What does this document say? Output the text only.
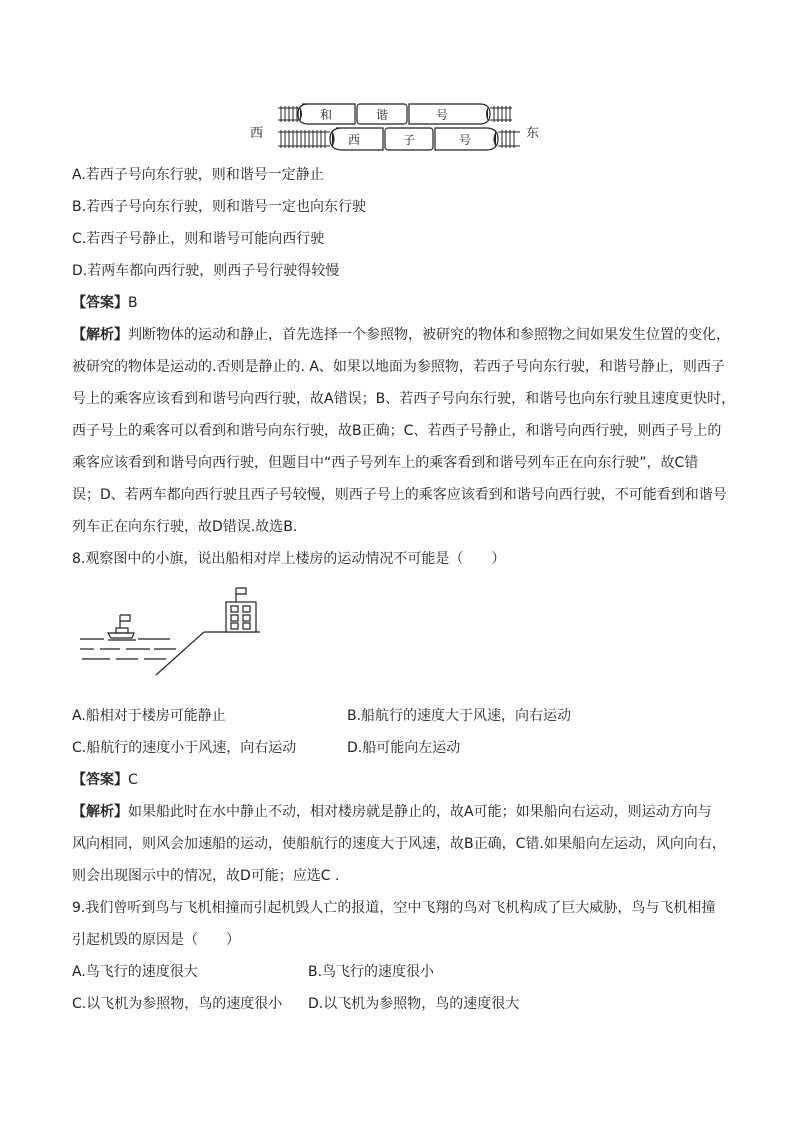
西	东
和	谐	号
西	子	号
A.若西子号向东行驶，则和谐号一定静止
B.若西子号向东行驶，则和谐号一定也向东行驶
C.若西子号静止，则和谐号可能向西行驶
D.若两车都向西行驶，则西子号行驶得较慢
【答案】B
【解析】判断物体的运动和静止，首先选择一个参照物，被研究的物体和参照物之间如果发生位置的变化，
被研究的物体是运动的.否则是静止的. A、如果以地面为参照物，若西子号向东行驶，和谐号静止，则西子
号上的乘客应该看到和谐号向西行驶，故A错误；B、若西子号向东行驶，和谐号也向东行驶且速度更快时，
西子号上的乘客可以看到和谐号向东行驶，故B正确；C、若西子号静止，和谐号向西行驶，则西子号上的
乘客应该看到和谐号向西行驶，但题目中“西子号列车上的乘客看到和谐号列车正在向东行驶”，故C错
误；D、若两车都向西行驶且西子号较慢，则西子号上的乘客应该看到和谐号向西行驶，不可能看到和谐号
列车正在向东行驶，故D错误.故选B.
8.观察图中的小旗，说出船相对岸上楼房的运动情况不可能是（　　）
A.船相对于楼房可能静止	B.船航行的速度大于风速，向右运动
C.船航行的速度小于风速，向右运动	D.船可能向左运动
【答案】C
【解析】如果船此时在水中静止不动，相对楼房就是静止的，故A可能；如果船向右运动，则运动方向与
风向相同，则风会加速船的运动，使船航行的速度大于风速，故B正确，C错.如果船向左运动，风向向右，
则会出现图示中的情况，故D可能；应选C .
9.我们曾听到鸟与飞机相撞而引起机毁人亡的报道，空中飞翔的鸟对飞机构成了巨大威胁，鸟与飞机相撞
引起机毁的原因是（　　）
A.鸟飞行的速度很大	B.鸟飞行的速度很小
C.以飞机为参照物，鸟的速度很小	D.以飞机为参照物，鸟的速度很大
